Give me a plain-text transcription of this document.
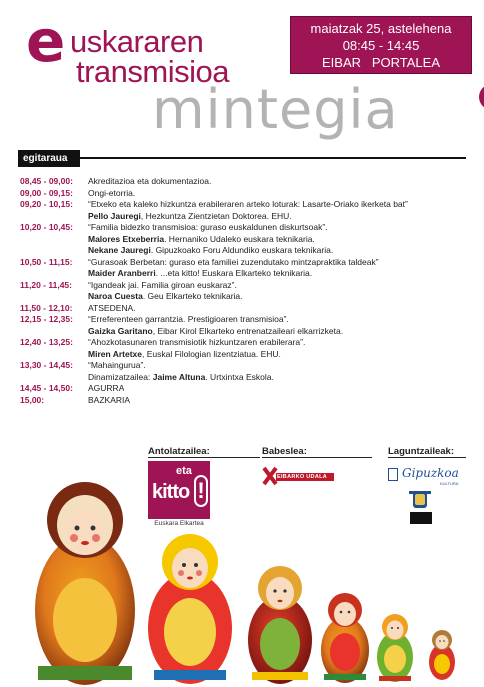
e uskararen
transmisioa
maiatzak 25, astelehena
08:45 - 14:45
EIBAR   PORTALEA
minteg
ia
egitaraua
08,45 - 09,00:	Akreditazioa eta dokumentazioa.
09,00 - 09,15:	Ongi-etorria.
09,20 - 10,15:	“Etxeko eta kaleko hizkuntza erabileraren arteko loturak: Lasarte-Oriako ikerketa bat”
Pello Jauregi, Hezkuntza Zientzietan Doktorea. EHU.
10,20 - 10,45:	“Familia bidezko transmisioa: guraso euskaldunen diskurtsoak”.
Malores Etxeberria. Hernaniko Udaleko euskara teknikaria.
Nekane Jauregi. Gipuzkoako Foru Aldundiko euskara teknikaria.
10,50 - 11,15:	“Gurasoak Berbetan: guraso eta familiei zuzendutako mintzapraktika taldeak”
Maider Aranberri. ...eta kitto! Euskara Elkarteko teknikaria.
11,20 - 11,45:	“Igandeak jai. Familia giroan euskaraz”.
Naroa Cuesta. Geu Elkarteko teknikaria.
11,50 - 12,10:	ATSEDENA.
12,15 - 12,35:	“Erreferenteen garrantzia. Prestigioaren transmisioa”.
Gaizka Garitano, Eibar Kirol Elkarteko entrenatzaileari elkarrizketa.
12,40 - 13,25:	“Ahozkotasunaren transmisiotik hizkuntzaren erabilerara”.
Miren Artetxe, Euskal Filologian lizentziatua. EHU.
13,30 - 14,45:	“Mahaingurua”.
Dinamizatzailea: Jaime Altuna. Urtxintxa Eskola.
14,45 - 14,50:	AGURRA
15,00:	BAZKARIA
Antolatzailea:	Babeslea:	Laguntzaileak:
eta
kitto !
Euskara Elkartea
EIBARKO UDALA	Gipuzkoa
KULTURA
